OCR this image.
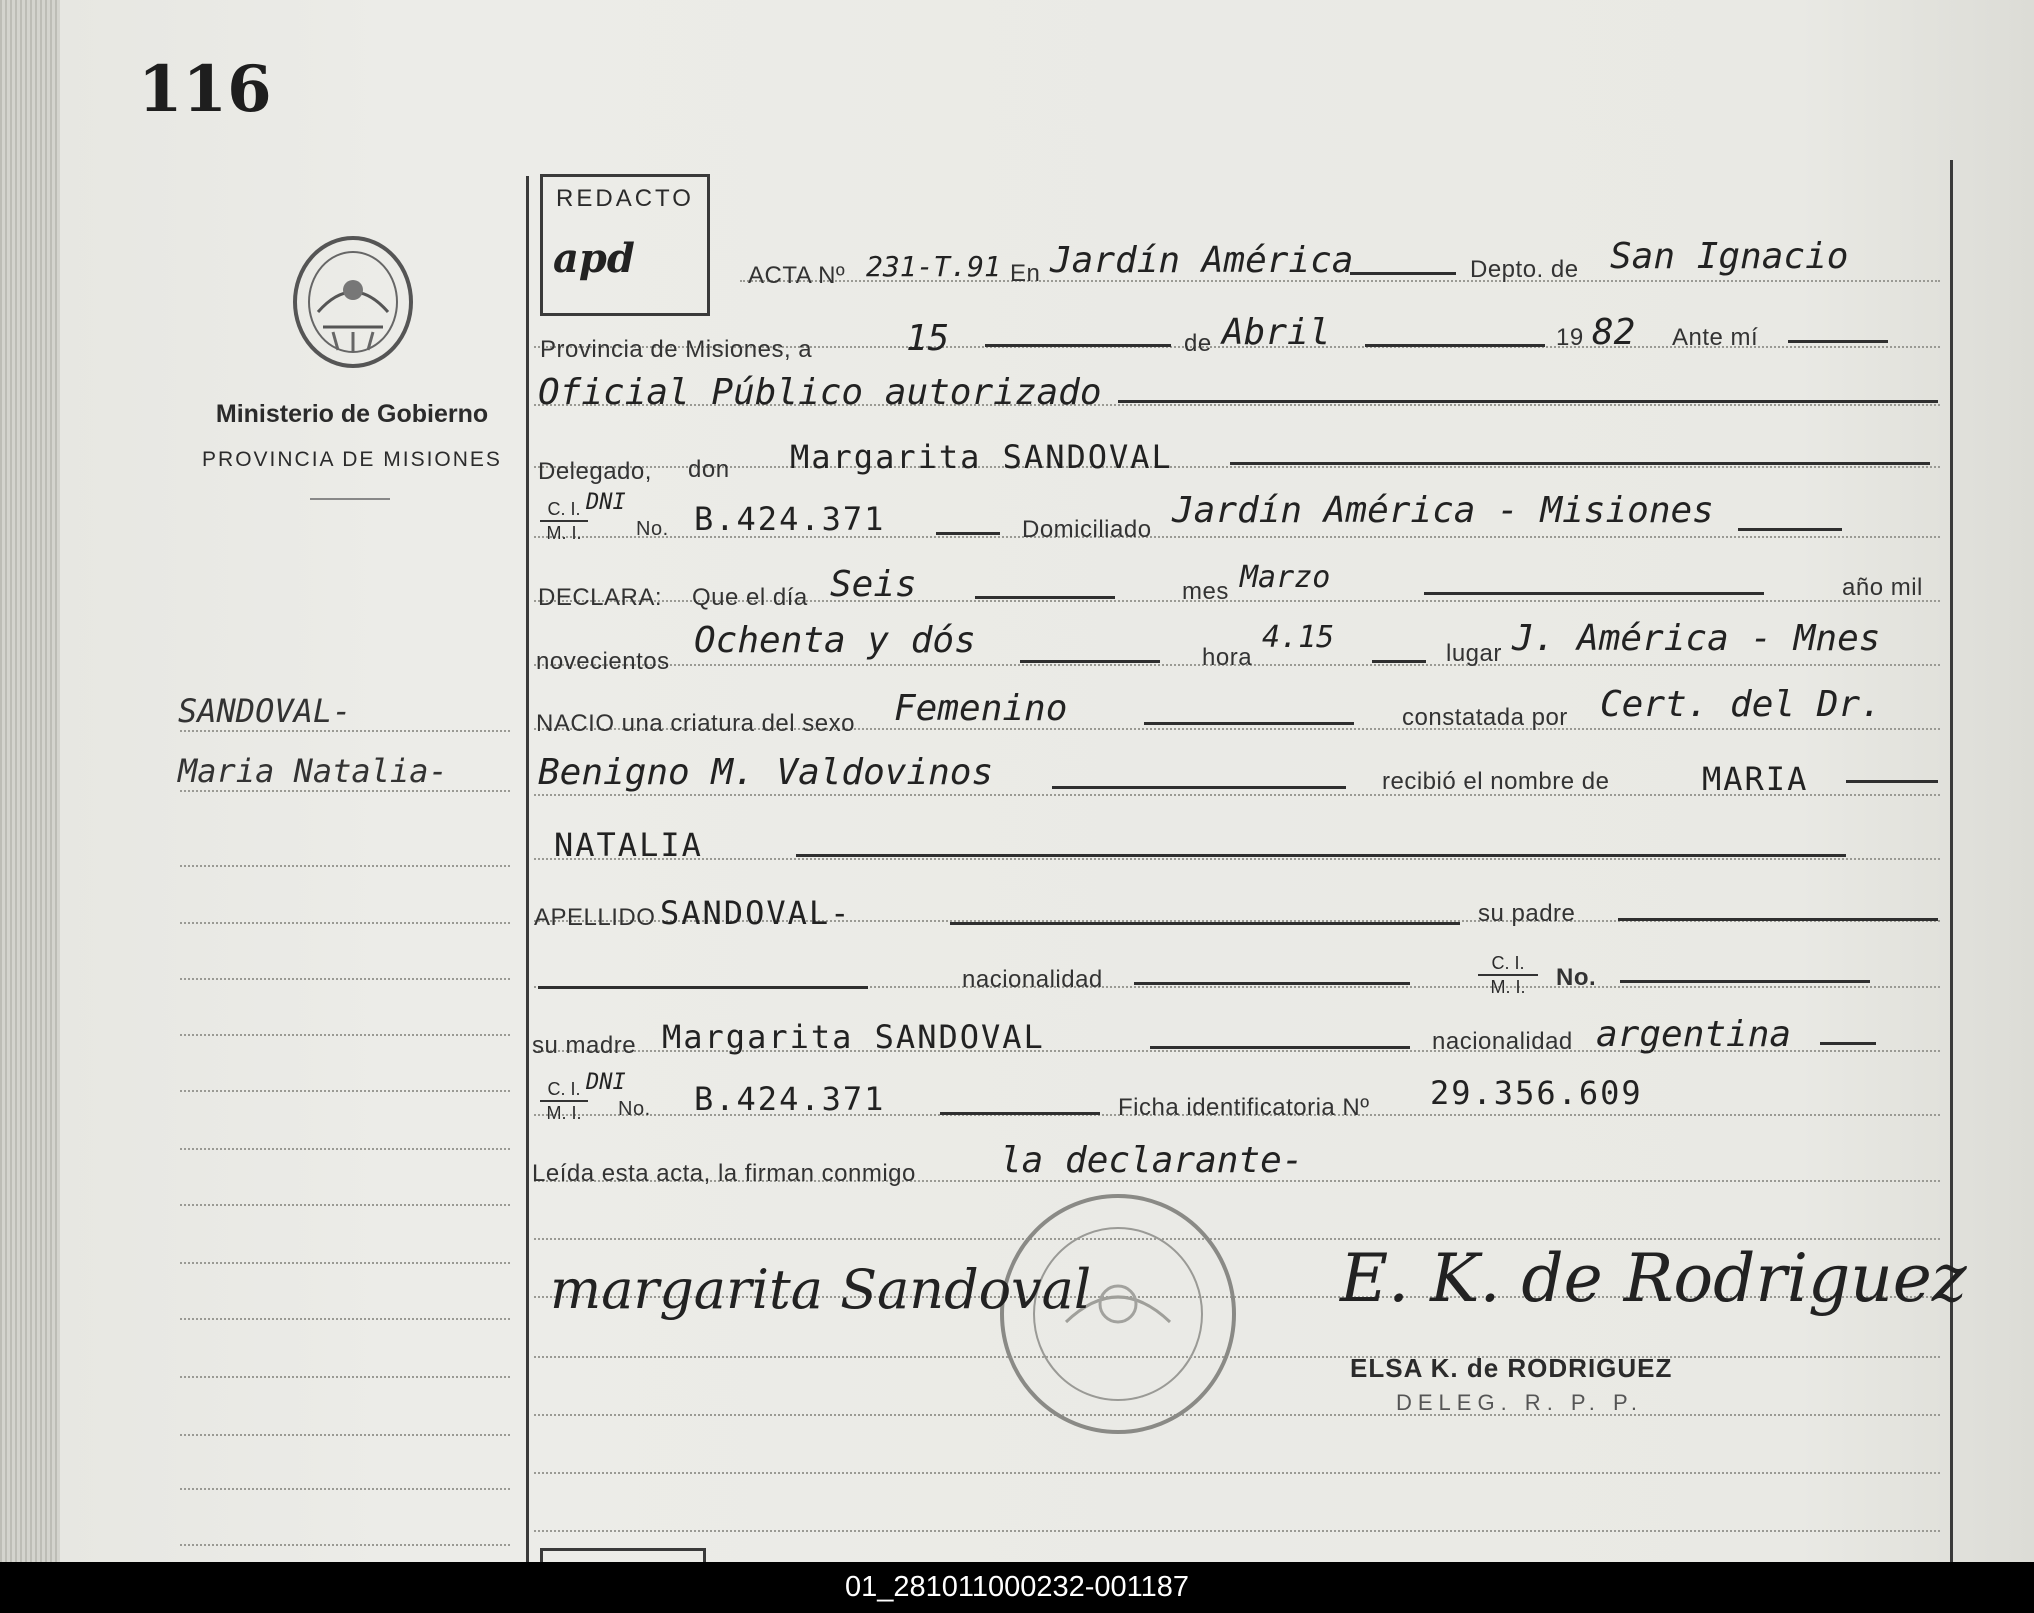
116
Ministerio de Gobierno
PROVINCIA DE MISIONES
SANDOVAL-
Maria Natalia-
REDACTO
apd	ACTA Nº 231-T.91 En Jardín América	Depto. de San Ignacio
Provincia de Misiones, a	15	de Abril	19 82 Ante mí
Oficial Público autorizado
Delegado, don Margarita SANDOVAL
$\frac{C. I.}{M. I.}$
DNI
No. B.424.371	Domiciliado Jardín América - Misiones
DECLARA: Que el día Seis	mes Marzo	año mil
novecientos
Ochenta y dós	hora
4.15	lugar J. América - Mnes
NACIO una criatura del sexo Femenino	constatada por Cert. del Dr.
Benigno M. Valdovinos	recibió el nombre de	MARIA
NATALIA
APELLIDO SANDOVAL-	su padre
nacionalidad	$\frac{C. I.}{M. I.} No$.
su madre Margarita SANDOVAL	nacionalidad argentina
$\frac{C. I.}{M. I.}$
DNI
No. B.424.371	Ficha identificatoria Nº 29.356.609
Leída esta acta, la firman conmigo la declarante-
margarita Sandoval	E. K. de Rodriguez
ELSA K. de RODRIGUEZ
DELEG. R. P. P.
01_281011000232-001187
